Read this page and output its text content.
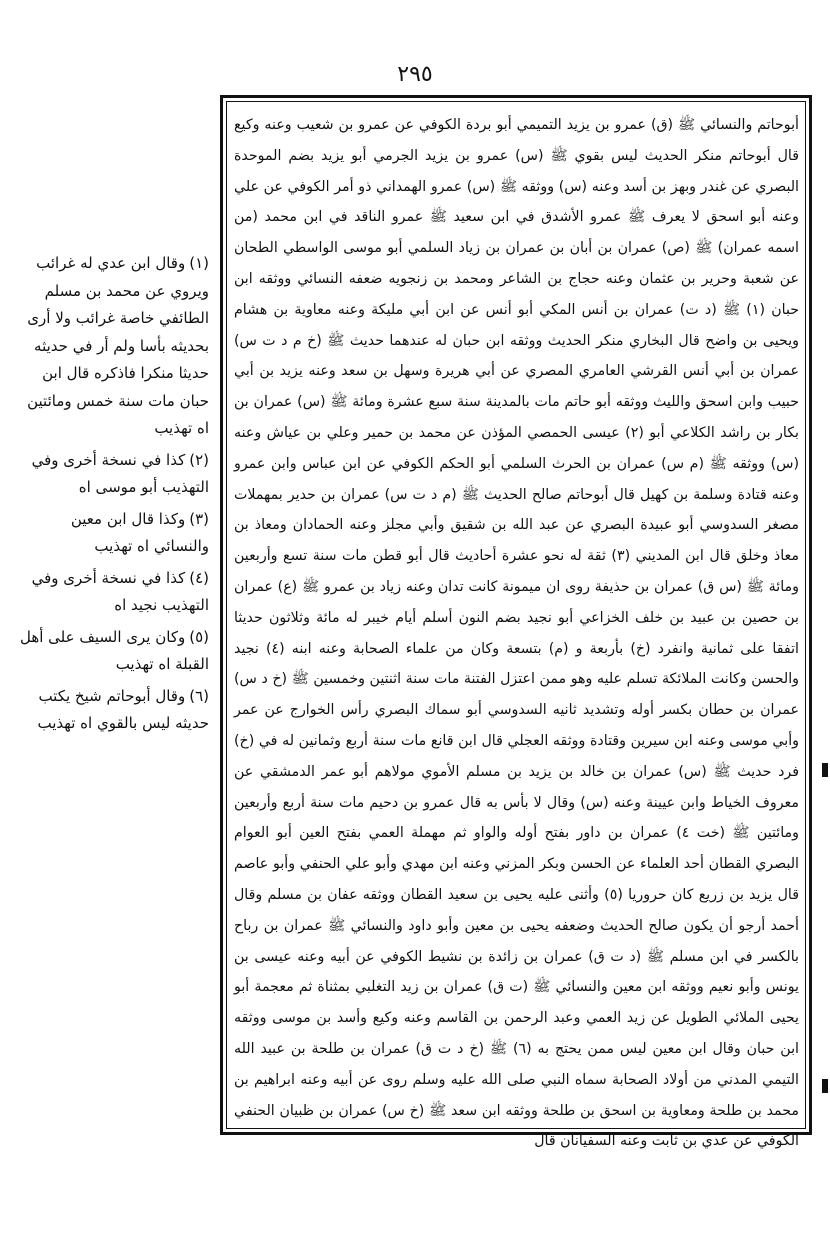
٢٩٥

أبوحاتم والنسائي ﷺ (ق) عمرو بن يزيد التميمي أبو بردة الكوفي عن عمرو بن شعيب وعنه وكيع قال أبوحاتم منكر الحديث ليس بقوي ﷺ (س) عمرو بن يزيد الجرمي أبو يزيد بضم الموحدة البصري عن غندر وبهز بن أسد وعنه (س) ووثقه ﷺ (س) عمرو الهمداني ذو أمر الكوفي عن علي وعنه أبو اسحق لا يعرف ﷺ عمرو الأشدق في ابن سعيد ﷺ عمرو الناقد في ابن محمد (من اسمه عمران) ﷺ (ص) عمران بن أبان بن عمران بن زياد السلمي أبو موسى الواسطي الطحان عن شعبة وحرير بن عثمان وعنه حجاج بن الشاعر ومحمد بن زنجويه ضعفه النسائي ووثقه ابن حبان (١) ﷺ (د ت) عمران بن أنس المكي أبو أنس عن ابن أبي مليكة وعنه معاوية بن هشام ويحيى بن واضح قال البخاري منكر الحديث ووثقه ابن حبان له عندهما حديث ﷺ (خ م د ت س) عمران بن أبي أنس القرشي العامري المصري عن أبي هريرة وسهل بن سعد وعنه يزيد بن أبي حبيب وابن اسحق والليث ووثقه أبو حاتم مات بالمدينة سنة سبع عشرة ومائة ﷺ (س) عمران بن بكار بن راشد الكلاعي أبو (٢) عيسى الحمصي المؤذن عن محمد بن حمير وعلي بن عياش وعنه (س) ووثقه ﷺ (م س) عمران بن الحرث السلمي أبو الحكم الكوفي عن ابن عباس وابن عمرو وعنه قتادة وسلمة بن كهيل قال أبوحاتم صالح الحديث ﷺ (م د ت س) عمران بن حدير بمهملات مصغر السدوسي أبو عبيدة البصري عن عبد الله بن شقيق وأبي مجلز وعنه الحمادان ومعاذ بن معاذ وخلق قال ابن المديني (٣) ثقة له نحو عشرة أحاديث قال أبو قطن مات سنة تسع وأربعين ومائة ﷺ (س ق) عمران بن حذيفة روى ان ميمونة كانت تدان وعنه زياد بن عمرو ﷺ (ع) عمران بن حصين بن عبيد بن خلف الخزاعي أبو نجيد بضم النون أسلم أيام خيبر له مائة وثلاثون حديثا اتفقا على ثمانية وانفرد (خ) بأربعة و (م) بتسعة وكان من علماء الصحابة وعنه ابنه (٤) نجيد والحسن وكانت الملائكة تسلم عليه وهو ممن اعتزل الفتنة مات سنة اثنتين وخمسين ﷺ (خ د س) عمران بن حطان بكسر أوله وتشديد ثانيه السدوسي أبو سماك البصري رأس الخوارج عن عمر وأبي موسى وعنه ابن سيرين وقتادة ووثقه العجلي قال ابن قانع مات سنة أربع وثمانين له في (خ) فرد حديث ﷺ (س) عمران بن خالد بن يزيد بن مسلم الأموي مولاهم أبو عمر الدمشقي عن معروف الخياط وابن عيينة وعنه (س) وقال لا بأس به قال عمرو بن دحيم مات سنة أربع وأربعين ومائتين ﷺ (خت ٤) عمران بن داور بفتح أوله والواو ثم مهملة العمي بفتح العين أبو العوام البصري القطان أحد العلماء عن الحسن وبكر المزني وعنه ابن مهدي وأبو علي الحنفي وأبو عاصم قال يزيد بن زريع كان حروريا (٥) وأثنى عليه يحيى بن سعيد القطان ووثقه عفان بن مسلم وقال أحمد أرجو أن يكون صالح الحديث وضعفه يحيى بن معين وأبو داود والنسائي ﷺ عمران بن رباح بالكسر في ابن مسلم ﷺ (د ت ق) عمران بن زائدة بن نشيط الكوفي عن أبيه وعنه عيسى بن يونس وأبو نعيم ووثقه ابن معين والنسائي ﷺ (ت ق) عمران بن زيد التغلبي بمثناة ثم معجمة أبو يحيى الملائي الطويل عن زيد العمي وعبد الرحمن بن القاسم وعنه وكيع وأسد بن موسى ووثقه ابن حبان وقال ابن معين ليس ممن يحتج به (٦) ﷺ (خ د ت ق) عمران بن طلحة بن عبيد الله التيمي المدني من أولاد الصحابة سماه النبي صلى الله عليه وسلم روى عن أبيه وعنه ابراهيم بن محمد بن طلحة ومعاوية بن اسحق بن طلحة ووثقه ابن سعد ﷺ (خ س) عمران بن ظبيان الحنفي الكوفي عن عدي بن ثابت وعنه السفيانان قال

(١)وقال ابن عدي له غرائب ويروي عن محمد بن مسلم الطائفي خاصة غرائب ولا أرى بحديثه بأسا ولم أر في حديثه حديثا منكرا فاذكره قال ابن حبان مات سنة خمس ومائتين اه تهذيب

(٢)كذا في نسخة أخرى وفي التهذيب أبو موسى اه

(٣)وكذا قال ابن معين والنسائي اه تهذيب

(٤)كذا في نسخة أخرى وفي التهذيب نجيد اه

(٥)وكان يرى السيف على أهل القبلة اه تهذيب

(٦)وقال أبوحاتم شيخ يكتب حديثه ليس بالقوي اه تهذيب
